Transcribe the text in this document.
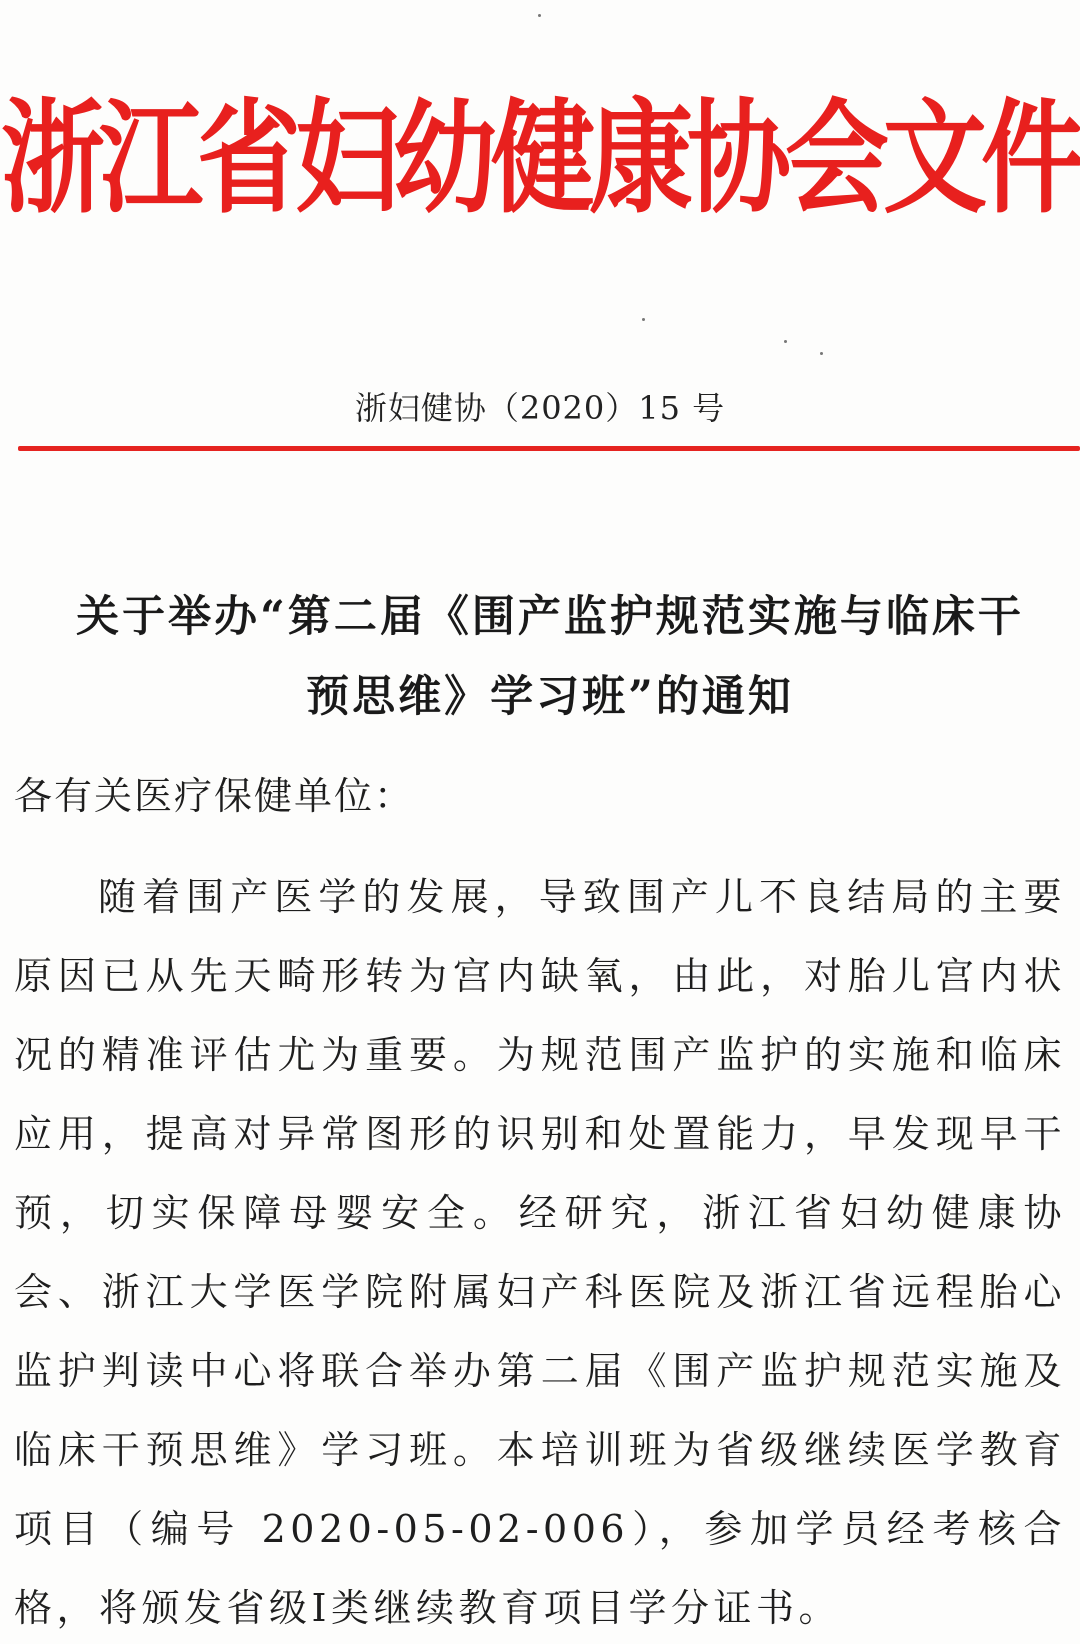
浙江省妇幼健康协会文件
浙妇健协（2020）15 号
关于举办“第二届《围产监护规范实施与临床干预思维》学习班”的通知
各有关医疗保健单位：
随着围产医学的发展，导致围产儿不良结局的主要原因已从先天畸形转为宫内缺氧，由此，对胎儿宫内状况的精准评估尤为重要。为规范围产监护的实施和临床应用，提高对异常图形的识别和处置能力，早发现早干预，切实保障母婴安全。经研究，浙江省妇幼健康协会、浙江大学医学院附属妇产科医院及浙江省远程胎心监护判读中心将联合举办第二届《围产监护规范实施及临床干预思维》学习班。本培训班为省级继续医学教育项目（编号 2020-05-02-006），参加学员经考核合格，将颁发省级Ⅰ类继续教育项目学分证书。
